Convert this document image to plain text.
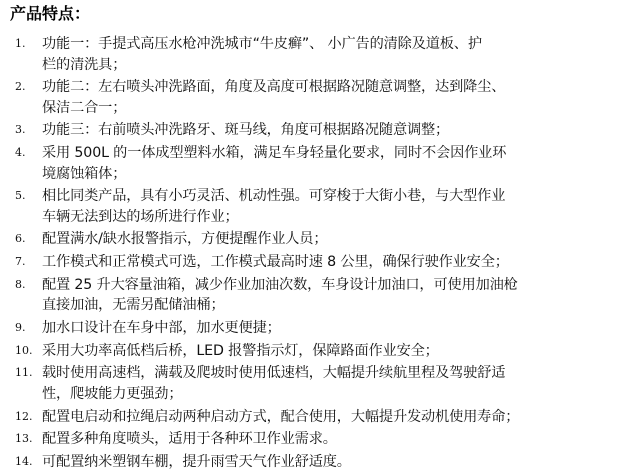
产品特点：
1.	功能一：手提式高压水枪冲洗城市“牛皮癣”、 小广告的清除及道板、护
栏的清洗具；
2.	功能二：左右喷头冲洗路面，角度及高度可根据路况随意调整，达到降尘、
保洁二合一；
3.	功能三：右前喷头冲洗路牙、斑马线，角度可根据路况随意调整；
4.	采用 500L 的一体成型塑料水箱，满足车身轻量化要求，同时不会因作业环
境腐蚀箱体；
5.	相比同类产品，具有小巧灵活、机动性强。可穿梭于大街小巷，与大型作业
车辆无法到达的场所进行作业；
6.	配置满水/缺水报警指示，方便提醒作业人员；
7.	工作模式和正常模式可选，工作模式最高时速 8 公里，确保行驶作业安全；
8.	配置 25 升大容量油箱，减少作业加油次数，车身设计加油口，可使用加油枪
直接加油，无需另配储油桶；
9.	加水口设计在车身中部，加水更便捷；
10. 采用大功率高低档后桥，LED 报警指示灯，保障路面作业安全；
11. 载时使用高速档，满载及爬坡时使用低速档，大幅提升续航里程及驾驶舒适
性，爬坡能力更强劲；
12. 配置电启动和拉绳启动两种启动方式，配合使用，大幅提升发动机使用寿命；
13. 配置多种角度喷头，适用于各种环卫作业需求。
14. 可配置纳米塑钢车棚，提升雨雪天气作业舒适度。
